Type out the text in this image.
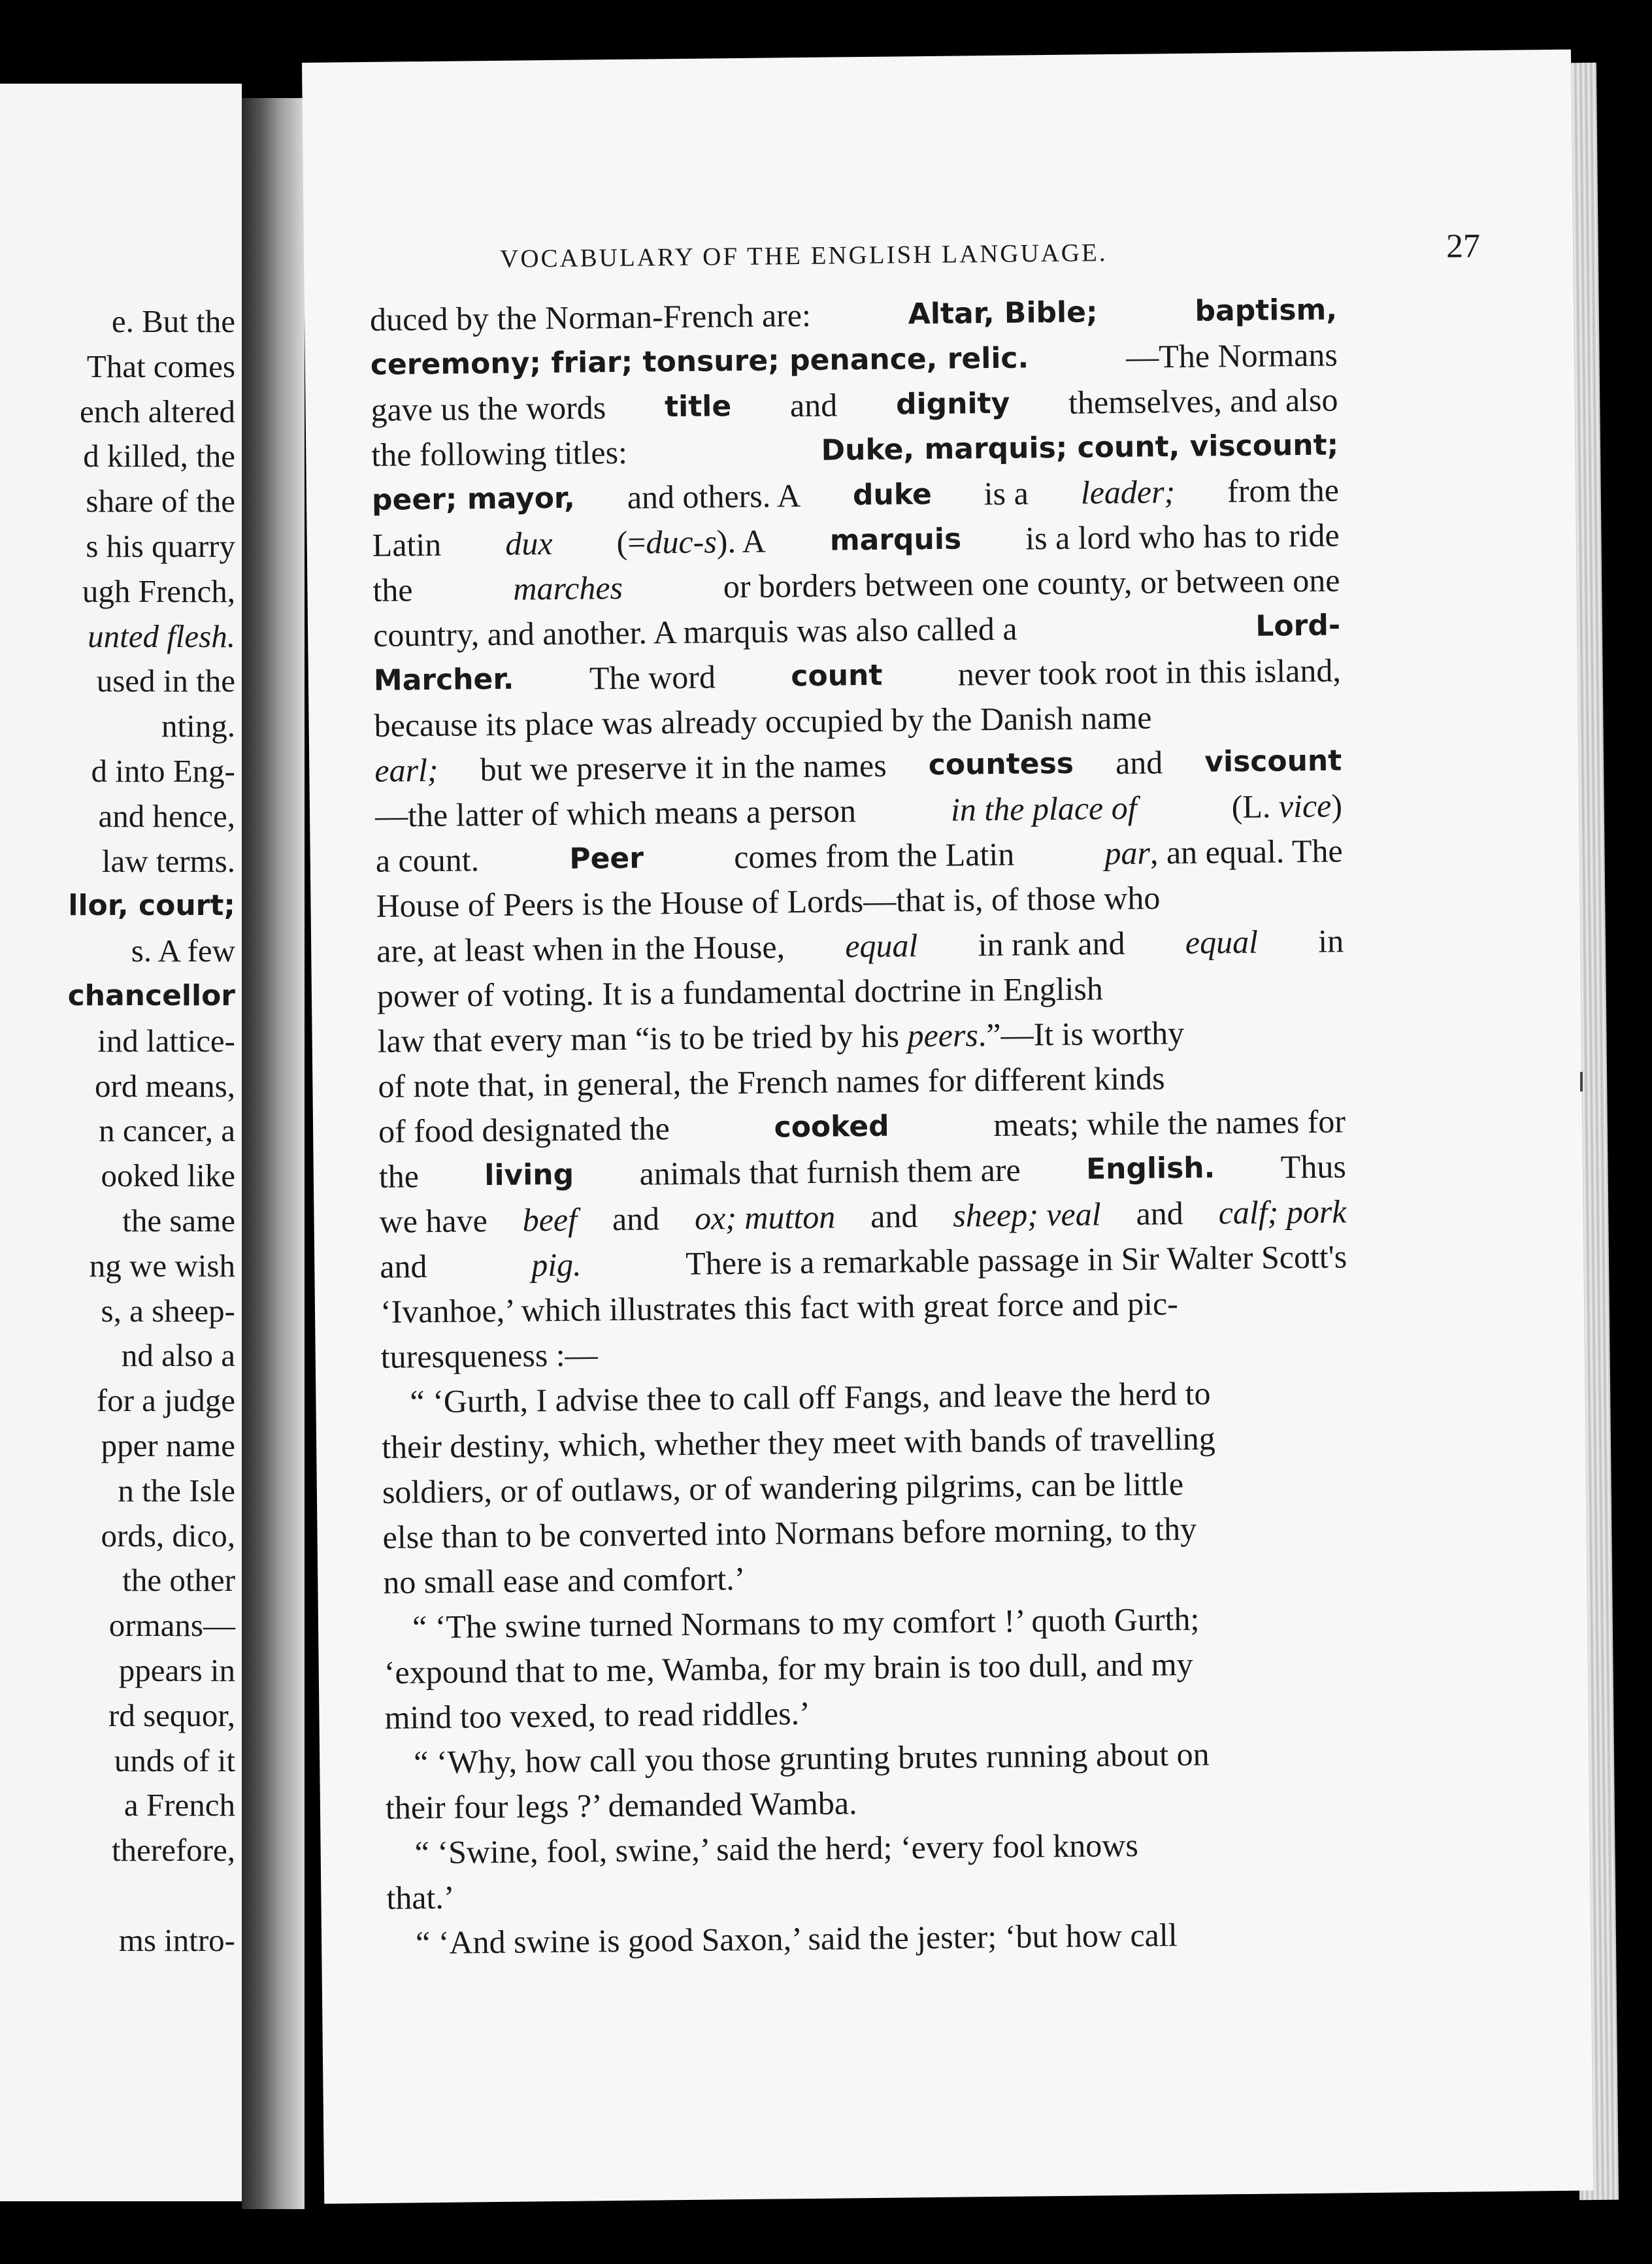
e. But the
That comes
ench altered
d killed, the
share of the
s his quarry
ugh French,
unted flesh.
used in the
nting.
d into Eng-
and hence,
law terms.
llor, court;
s. A few
chancellor
ind lattice-
ord means,
n cancer, a
ooked like
the same
ng we wish
s, a sheep-
nd also a
for a judge
pper name
n the Isle
ords, dico,
the other
ormans—
ppears in
rd sequor,
unds of it
a French
therefore,

ms intro-
VOCABULARY OF THE ENGLISH LANGUAGE.	27
duced by the Norman-French are:	Altar, Bible;	baptism,
ceremony; friar; tonsure; penance, relic.	—The Normans
gave us the words title and dignity themselves, and also
the following titles:	Duke, marquis; count, viscount;
peer; mayor, and others. A duke is a leader; from the
Latin dux (=duc-s). A marquis is a lord who has to ride
the	marches	or borders between one county, or between one
country, and another. A marquis was also called a	Lord-
Marcher. The word	count never took root in this island,
because its place was already occupied by the Danish name
earl; but we preserve it in the names countess and viscount
—the latter of which means a person	in the place of	(L. vice)
a count.	Peer	comes from the Latin	par, an equal. The
House of Peers is the House of Lords—that is, of those who
are, at least when in the House, equal in rank and equal in
power of voting. It is a fundamental doctrine in English
law that every man “is to be tried by his peers.”—It is worthy
of note that, in general, the French names for different kinds
of food designated the	cooked	meats; while the names for
the living animals that furnish them are English. Thus
we have beef and ox; mutton and sheep; veal and calf; pork
and	pig.	There is a remarkable passage in Sir Walter Scott's
‘Ivanhoe,’ which illustrates this fact with great force and pic-
turesqueness :—
“ ‘Gurth, I advise thee to call off Fangs, and leave the herd to
their destiny, which, whether they meet with bands of travelling
soldiers, or of outlaws, or of wandering pilgrims, can be little
else than to be converted into Normans before morning, to thy
no small ease and comfort.’
“ ‘The swine turned Normans to my comfort !’ quoth Gurth;
‘expound that to me, Wamba, for my brain is too dull, and my
mind too vexed, to read riddles.’
“ ‘Why, how call you those grunting brutes running about on
their four legs ?’ demanded Wamba.
“ ‘Swine, fool, swine,’ said the herd; ‘every fool knows
that.’
“ ‘And swine is good Saxon,’ said the jester; ‘but how call
